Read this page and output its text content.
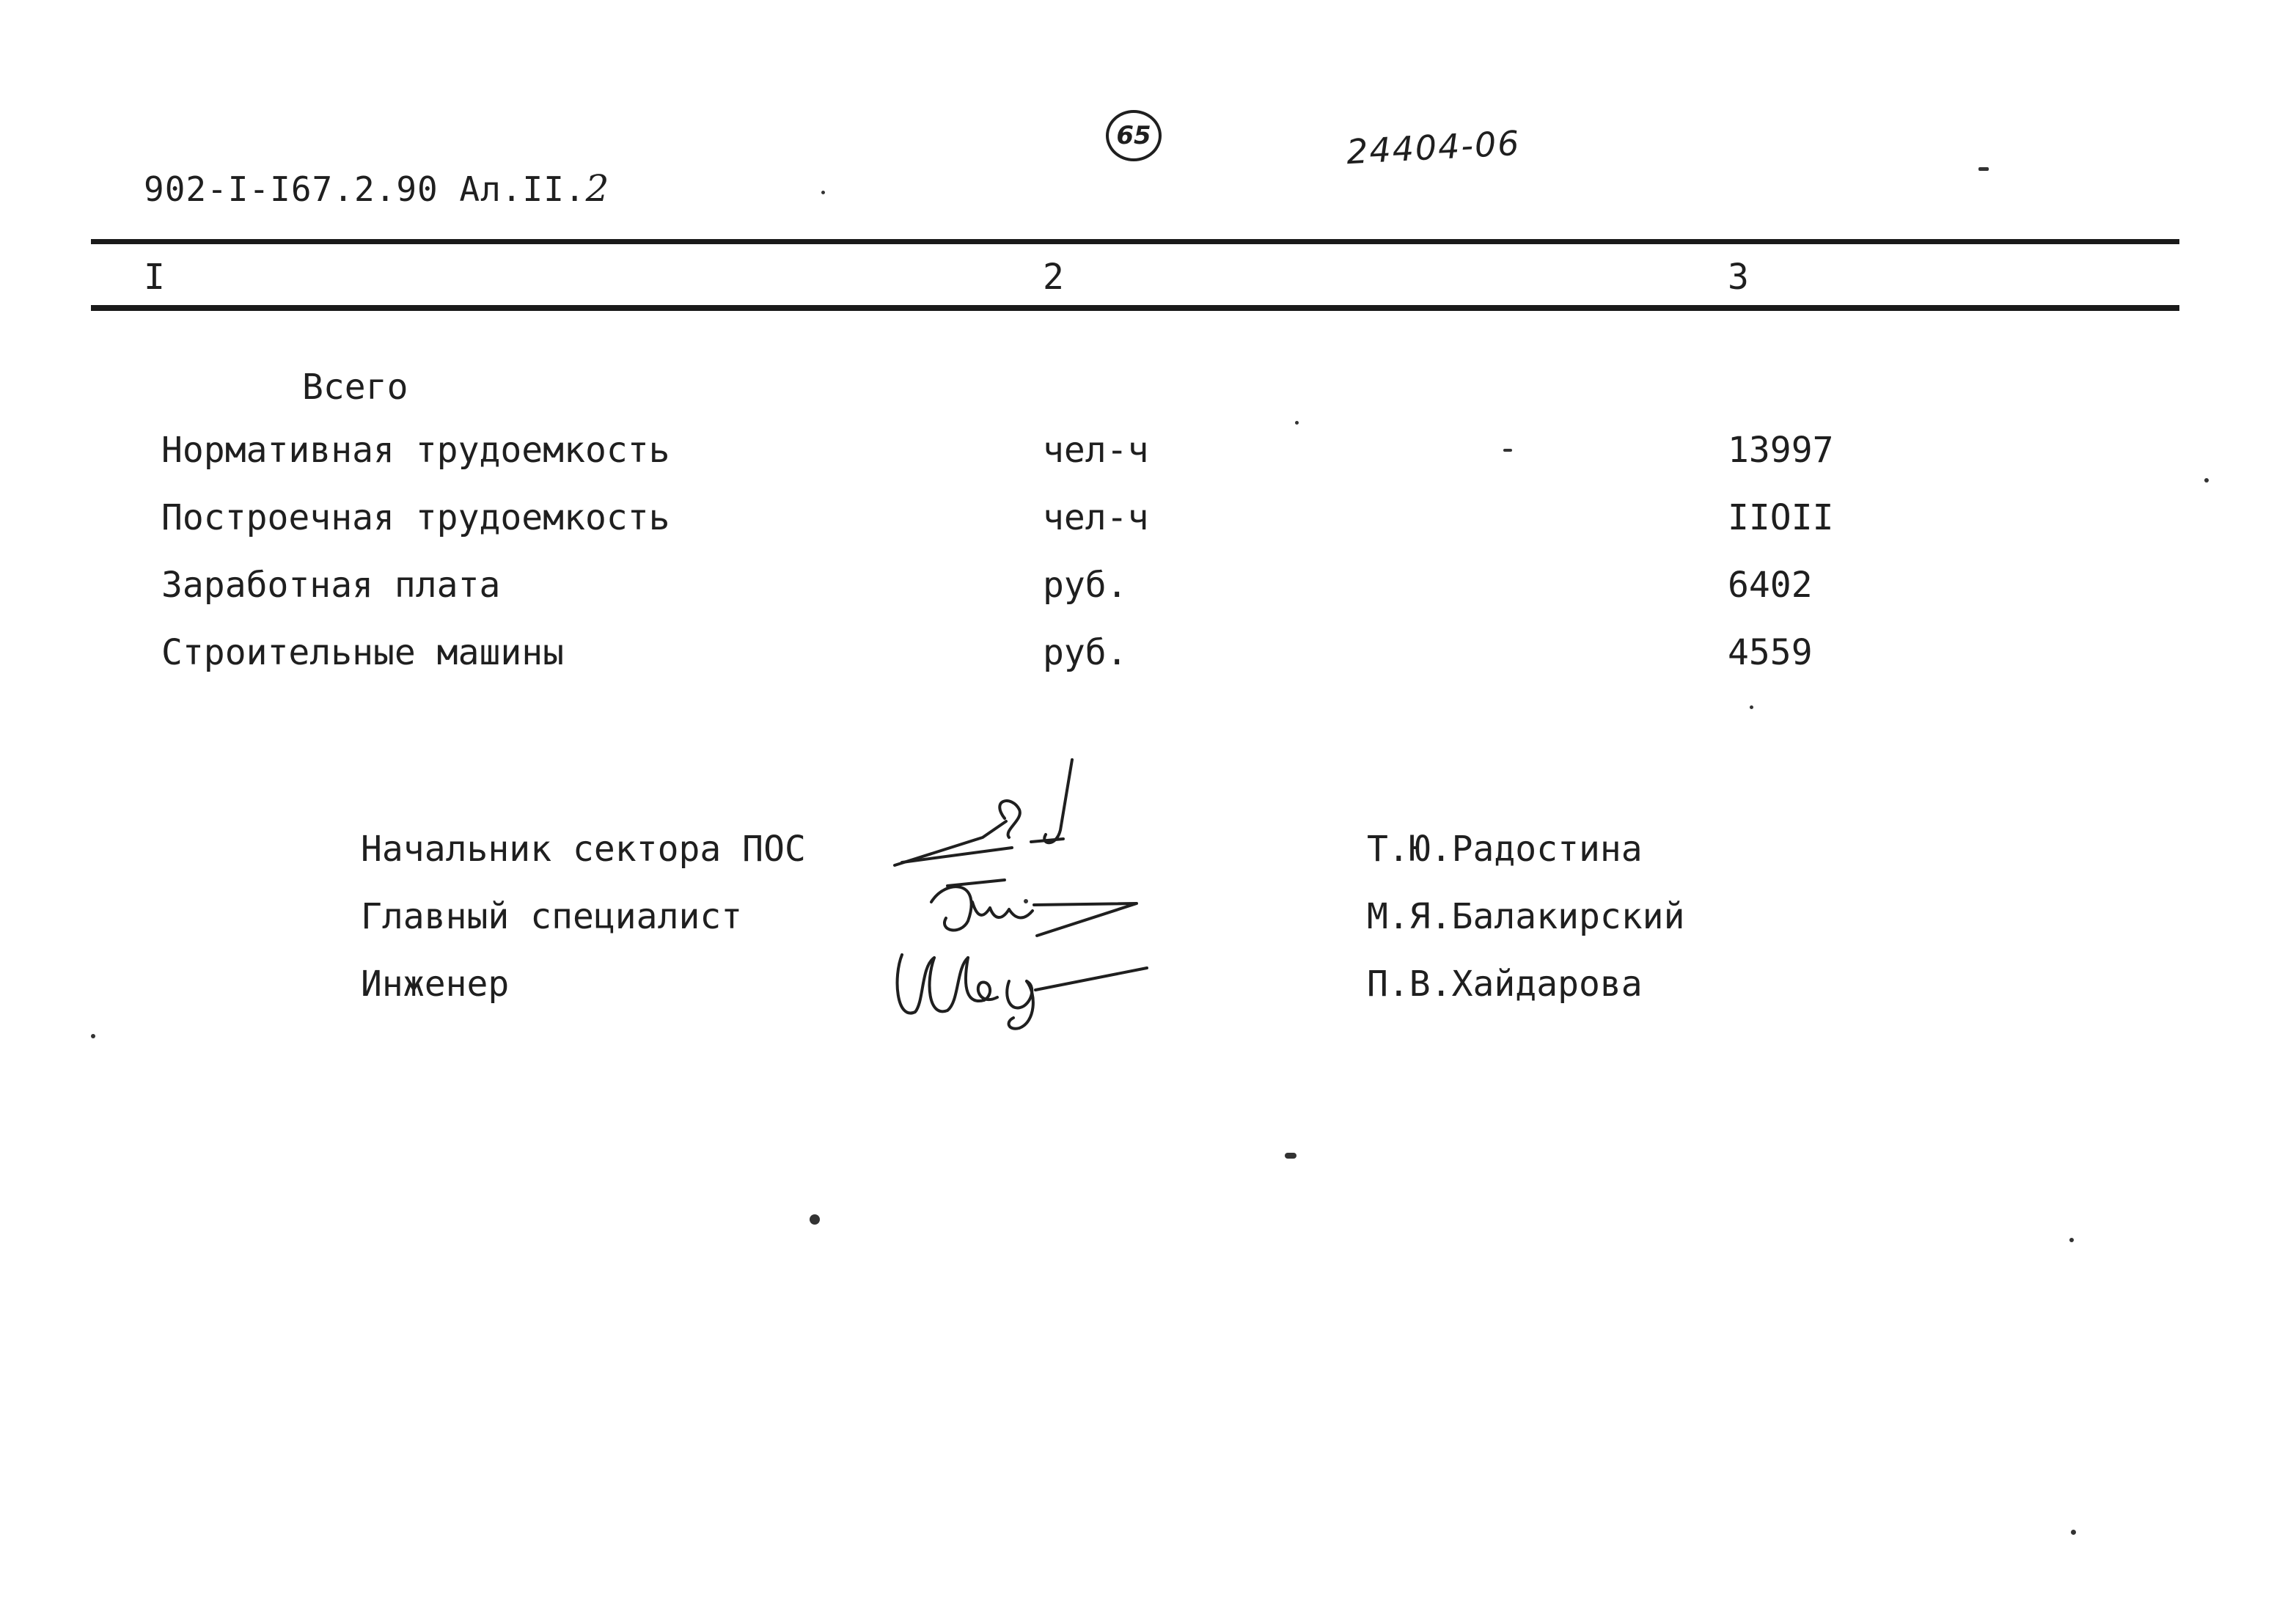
902-I-I67.2.90 Ал.II.2
65	24404-06
I	2	3
Всего
Нормативная трудоемкость	чел-ч	13997
Построечная трудоемкость	чел-ч	IIOII
Заработная плата	руб.	6402
Строительные машины	руб.	4559
Начальник сектора ПОС	Т.Ю.Радостина
Главный специалист	М.Я.Балакирский
Инженер	П.В.Хайдарова
